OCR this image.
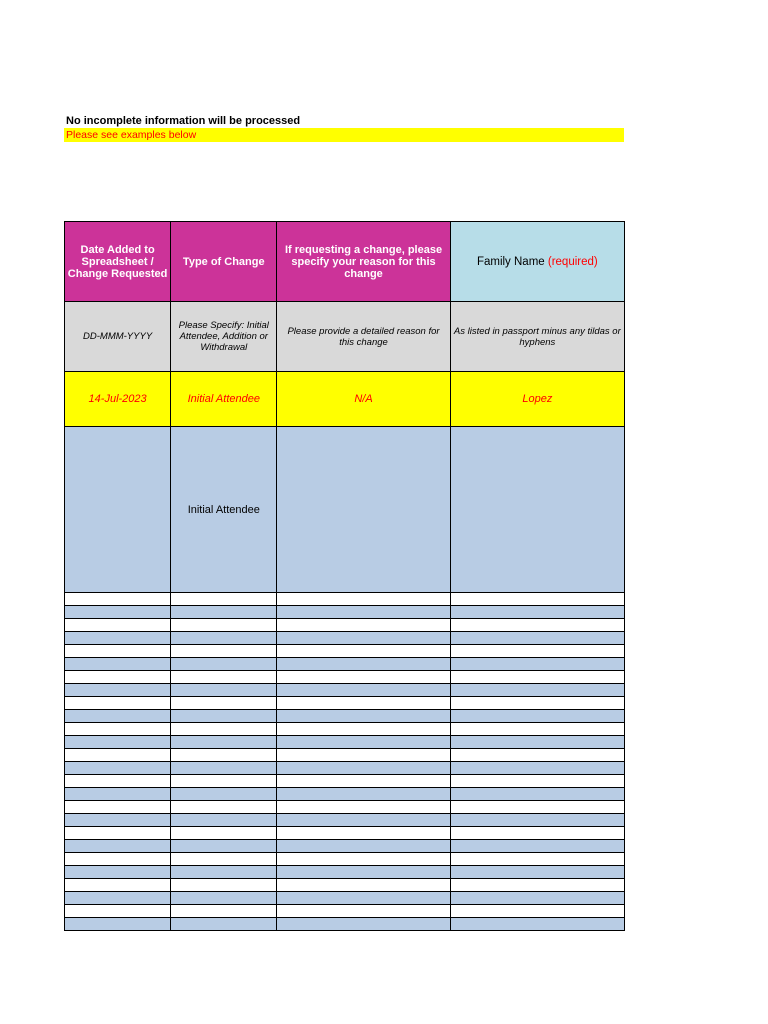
No incomplete information will be processed
Please see examples below
Date Added to Spreadsheet / Change Requested	Type of Change	If requesting a change, please specify your reason for this change	Family Name (required)
DD-MMM-YYYY	Please Specify: Initial Attendee, Addition or Withdrawal	Please provide a detailed reason for this change	As listed in passport minus any tildas or hyphens
14-Jul-2023	Initial Attendee	N/A	Lopez
	Initial Attendee		
